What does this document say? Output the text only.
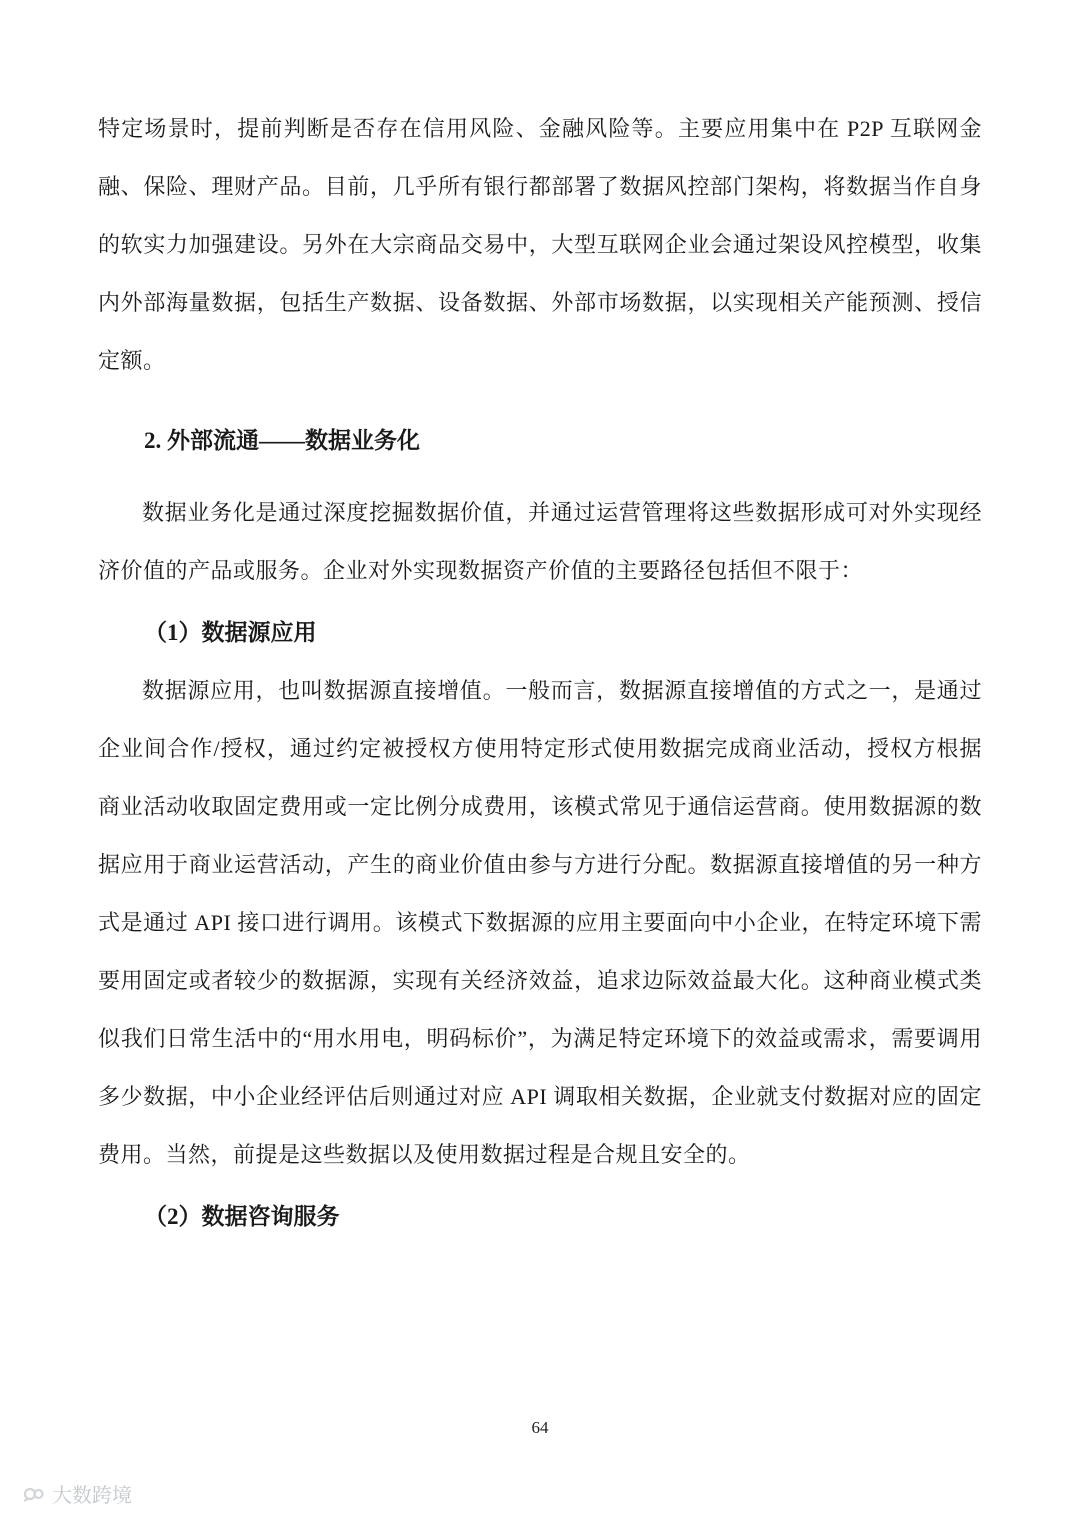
特定场景时，提前判断是否存在信用风险、金融风险等。主要应用集中在 P2P 互联网金融、保险、理财产品。目前，几乎所有银行都部署了数据风控部门架构，将数据当作自身的软实力加强建设。另外在大宗商品交易中，大型互联网企业会通过架设风控模型，收集内外部海量数据，包括生产数据、设备数据、外部市场数据，以实现相关产能预测、授信定额。

2. 外部流通——数据业务化

数据业务化是通过深度挖掘数据价值，并通过运营管理将这些数据形成可对外实现经济价值的产品或服务。企业对外实现数据资产价值的主要路径包括但不限于：

（1）数据源应用

数据源应用，也叫数据源直接增值。一般而言，数据源直接增值的方式之一，是通过企业间合作/授权，通过约定被授权方使用特定形式使用数据完成商业活动，授权方根据商业活动收取固定费用或一定比例分成费用，该模式常见于通信运营商。使用数据源的数据应用于商业运营活动，产生的商业价值由参与方进行分配。数据源直接增值的另一种方式是通过 API 接口进行调用。该模式下数据源的应用主要面向中小企业，在特定环境下需要用固定或者较少的数据源，实现有关经济效益，追求边际效益最大化。这种商业模式类似我们日常生活中的“用水用电，明码标价”，为满足特定环境下的效益或需求，需要调用多少数据，中小企业经评估后则通过对应 API 调取相关数据，企业就支付数据对应的固定费用。当然，前提是这些数据以及使用数据过程是合规且安全的。

（2）数据咨询服务
64
大数跨境
